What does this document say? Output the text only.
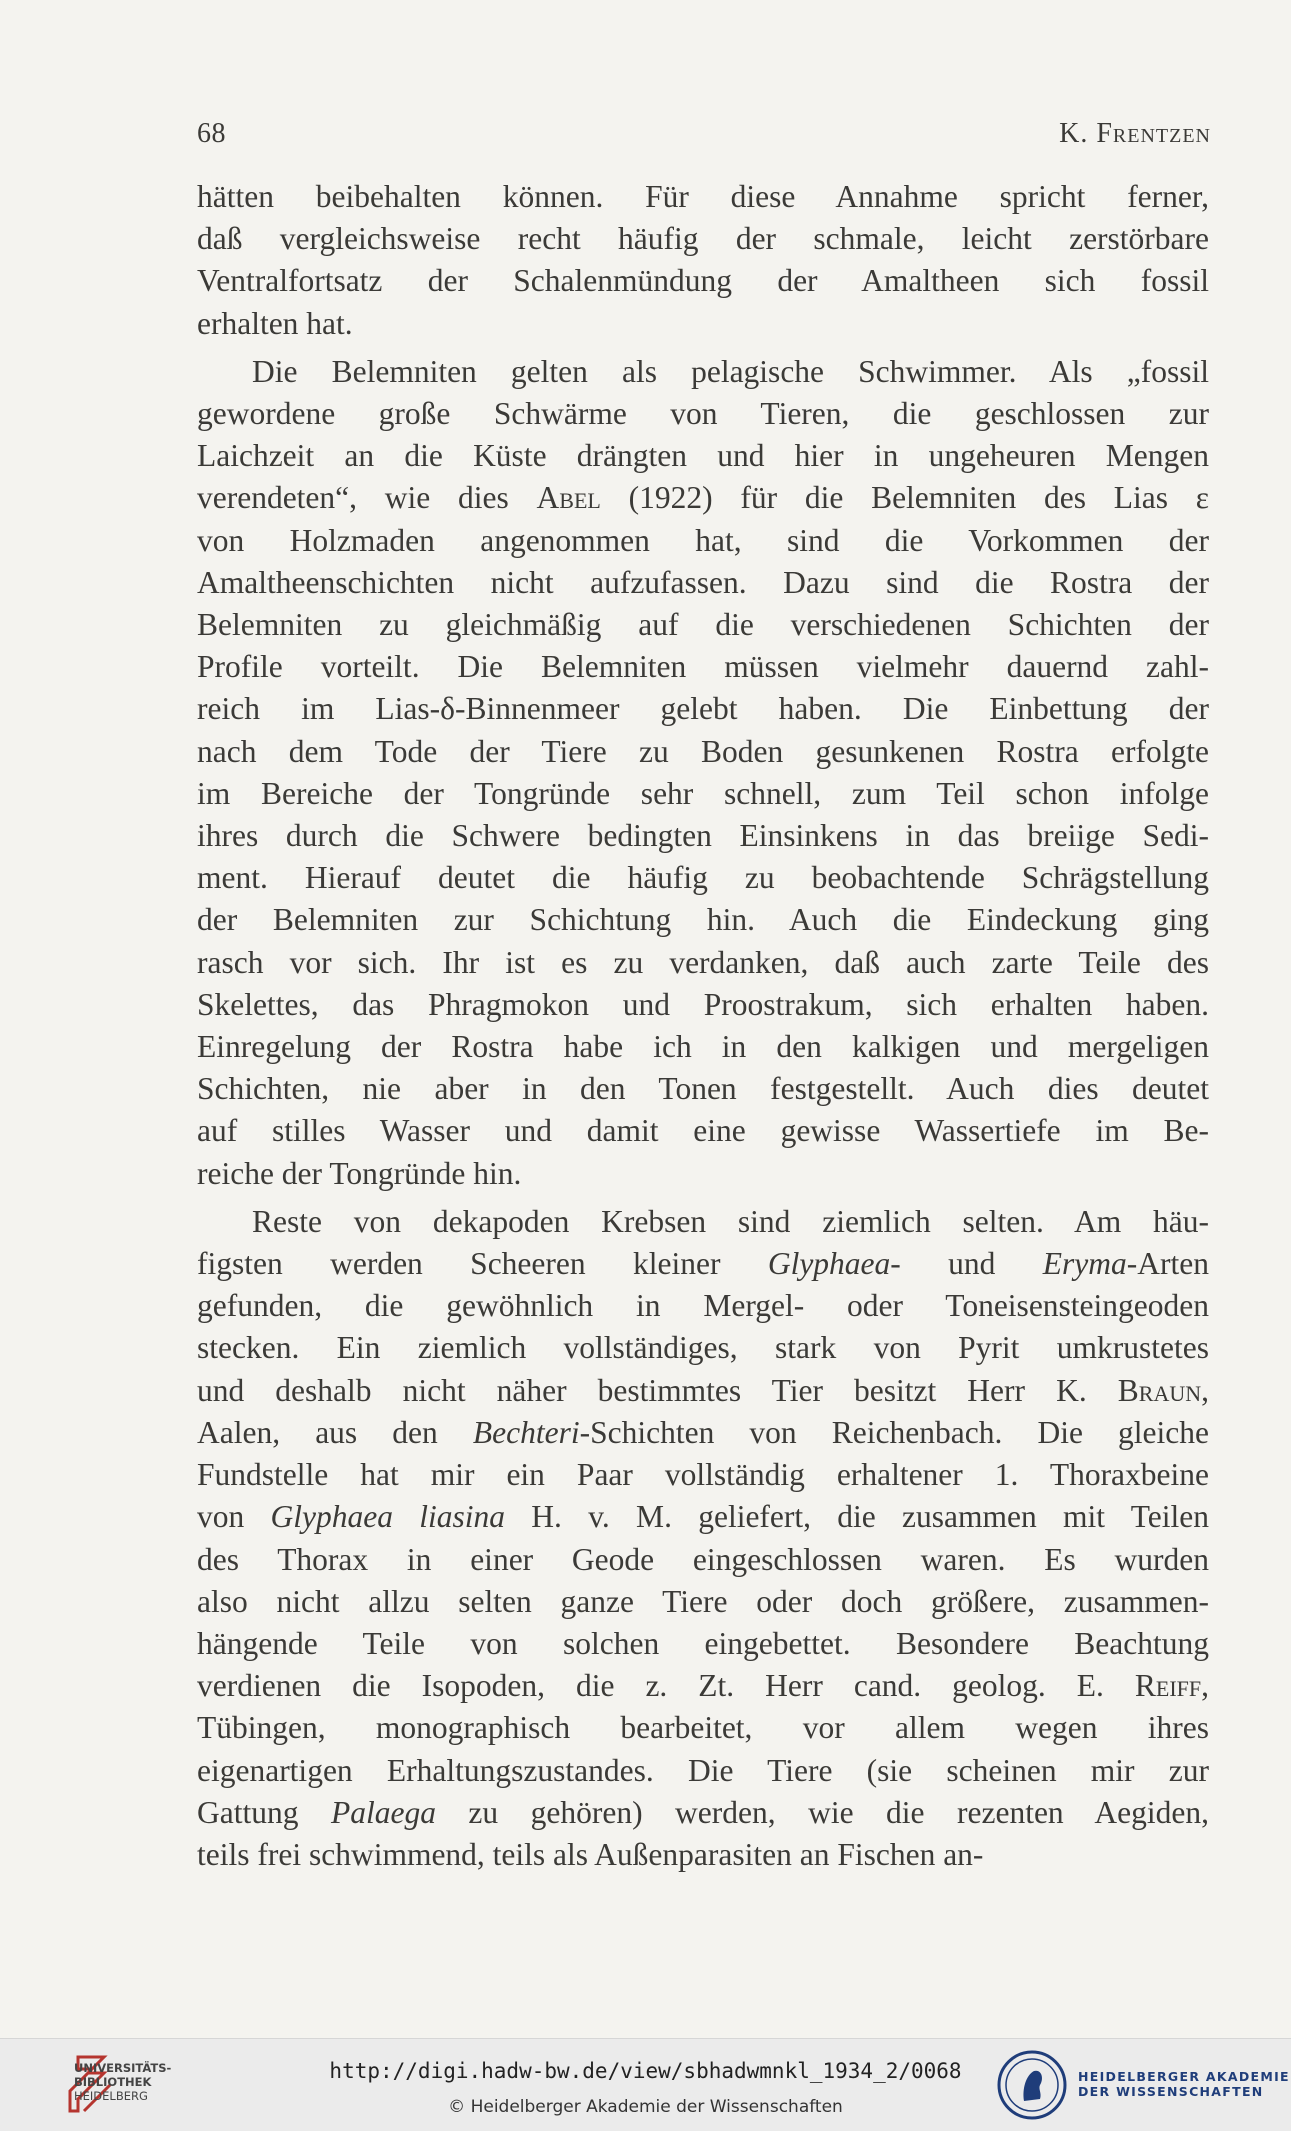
68	K. Frentzen

hätten beibehalten können. Für diese Annahme spricht ferner,
daß vergleichsweise recht häufig der schmale, leicht zerstörbare
Ventralfortsatz der Schalenmündung der Amaltheen sich fossil
erhalten hat.

Die Belemniten gelten als pelagische Schwimmer. Als „fossil
gewordene große Schwärme von Tieren, die geschlossen zur
Laichzeit an die Küste drängten und hier in ungeheuren Mengen
verendeten“, wie dies Abel (1922) für die Belemniten des Lias ε
von Holzmaden angenommen hat, sind die Vorkommen der
Amaltheenschichten nicht aufzufassen. Dazu sind die Rostra der
Belemniten zu gleichmäßig auf die verschiedenen Schichten der
Profile vorteilt. Die Belemniten müssen vielmehr dauernd zahl-
reich im Lias-δ-Binnenmeer gelebt haben. Die Einbettung der
nach dem Tode der Tiere zu Boden gesunkenen Rostra erfolgte
im Bereiche der Tongründe sehr schnell, zum Teil schon infolge
ihres durch die Schwere bedingten Einsinkens in das breiige Sedi-
ment. Hierauf deutet die häufig zu beobachtende Schrägstellung
der Belemniten zur Schichtung hin. Auch die Eindeckung ging
rasch vor sich. Ihr ist es zu verdanken, daß auch zarte Teile des
Skelettes, das Phragmokon und Proostrakum, sich erhalten haben.
Einregelung der Rostra habe ich in den kalkigen und mergeligen
Schichten, nie aber in den Tonen festgestellt. Auch dies deutet
auf stilles Wasser und damit eine gewisse Wassertiefe im Be-
reiche der Tongründe hin.

Reste von dekapoden Krebsen sind ziemlich selten. Am häu-
figsten werden Scheeren kleiner Glyphaea- und Eryma-Arten
gefunden, die gewöhnlich in Mergel- oder Toneisensteingeoden
stecken. Ein ziemlich vollständiges, stark von Pyrit umkrustetes
und deshalb nicht näher bestimmtes Tier besitzt Herr K. Braun,
Aalen, aus den Bechteri-Schichten von Reichenbach. Die gleiche
Fundstelle hat mir ein Paar vollständig erhaltener 1. Thoraxbeine
von Glyphaea liasina H. v. M. geliefert, die zusammen mit Teilen
des Thorax in einer Geode eingeschlossen waren. Es wurden
also nicht allzu selten ganze Tiere oder doch größere, zusammen-
hängende Teile von solchen eingebettet. Besondere Beachtung
verdienen die Isopoden, die z. Zt. Herr cand. geolog. E. Reiff,
Tübingen, monographisch bearbeitet, vor allem wegen ihres
eigenartigen Erhaltungszustandes. Die Tiere (sie scheinen mir zur
Gattung Palaega zu gehören) werden, wie die rezenten Aegiden,
teils frei schwimmend, teils als Außenparasiten an Fischen an-

UNIVERSITÄTS-
BIBLIOTHEK
HEIDELBERG
http://digi.hadw-bw.de/view/sbhadwmnkl_1934_2/0068
© Heidelberger Akademie der Wissenschaften
HEIDELBERGER AKADEMIE
DER WISSENSCHAFTEN
